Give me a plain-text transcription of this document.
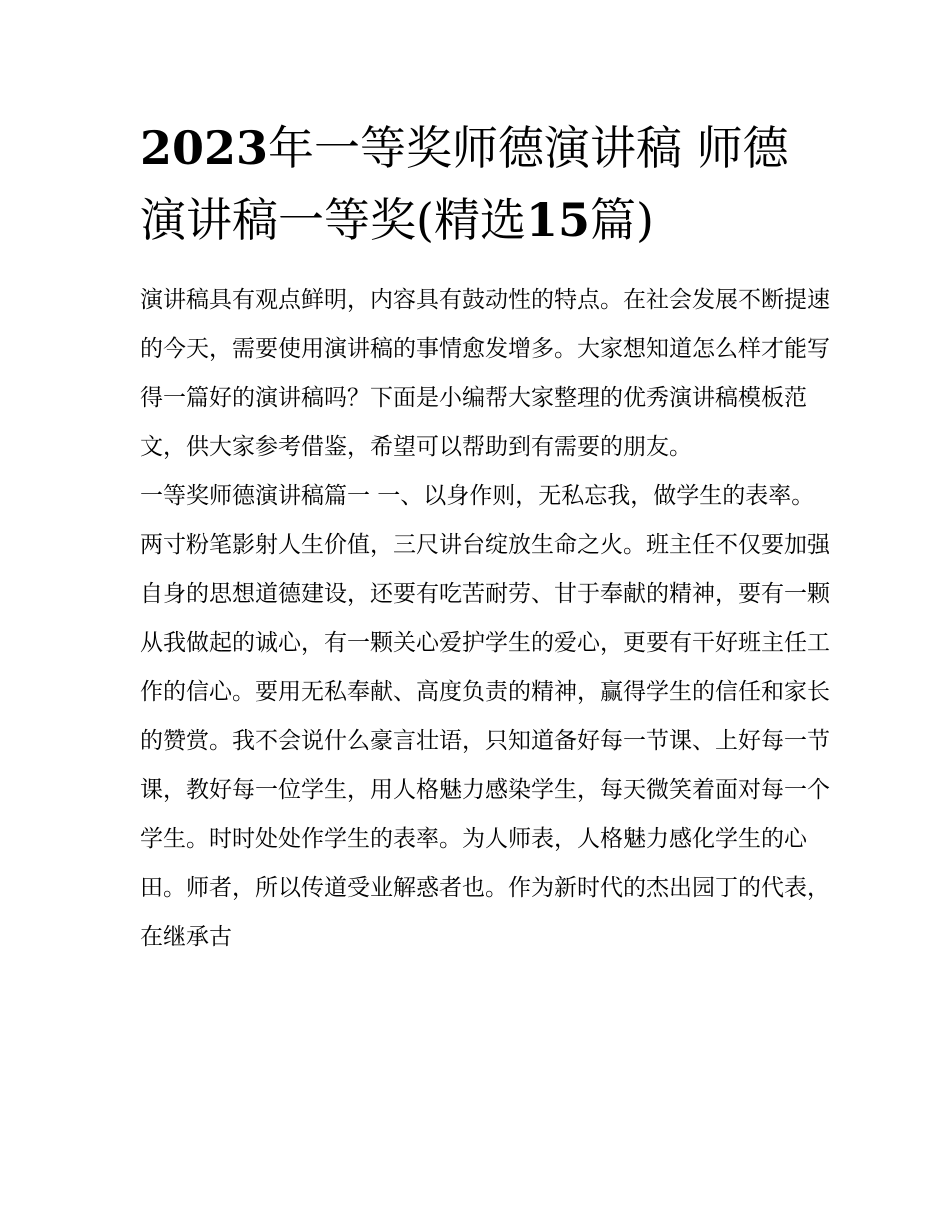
2023年一等奖师德演讲稿 师德演讲稿一等奖(精选15篇)

演讲稿具有观点鲜明，内容具有鼓动性的特点。在社会发展不断提速的今天，需要使用演讲稿的事情愈发增多。大家想知道怎么样才能写得一篇好的演讲稿吗？下面是小编帮大家整理的优秀演讲稿模板范文，供大家参考借鉴，希望可以帮助到有需要的朋友。

一等奖师德演讲稿篇一 一、以身作则，无私忘我，做学生的表率。

两寸粉笔影射人生价值，三尺讲台绽放生命之火。班主任不仅要加强自身的思想道德建设，还要有吃苦耐劳、甘于奉献的精神，要有一颗从我做起的诚心，有一颗关心爱护学生的爱心，更要有干好班主任工作的信心。要用无私奉献、高度负责的精神，赢得学生的信任和家长的赞赏。我不会说什么豪言壮语，只知道备好每一节课、上好每一节课，教好每一位学生，用人格魅力感染学生，每天微笑着面对每一个学生。时时处处作学生的表率。为人师表，人格魅力感化学生的心田。师者，所以传道受业解惑者也。作为新时代的杰出园丁的代表，在继承古
